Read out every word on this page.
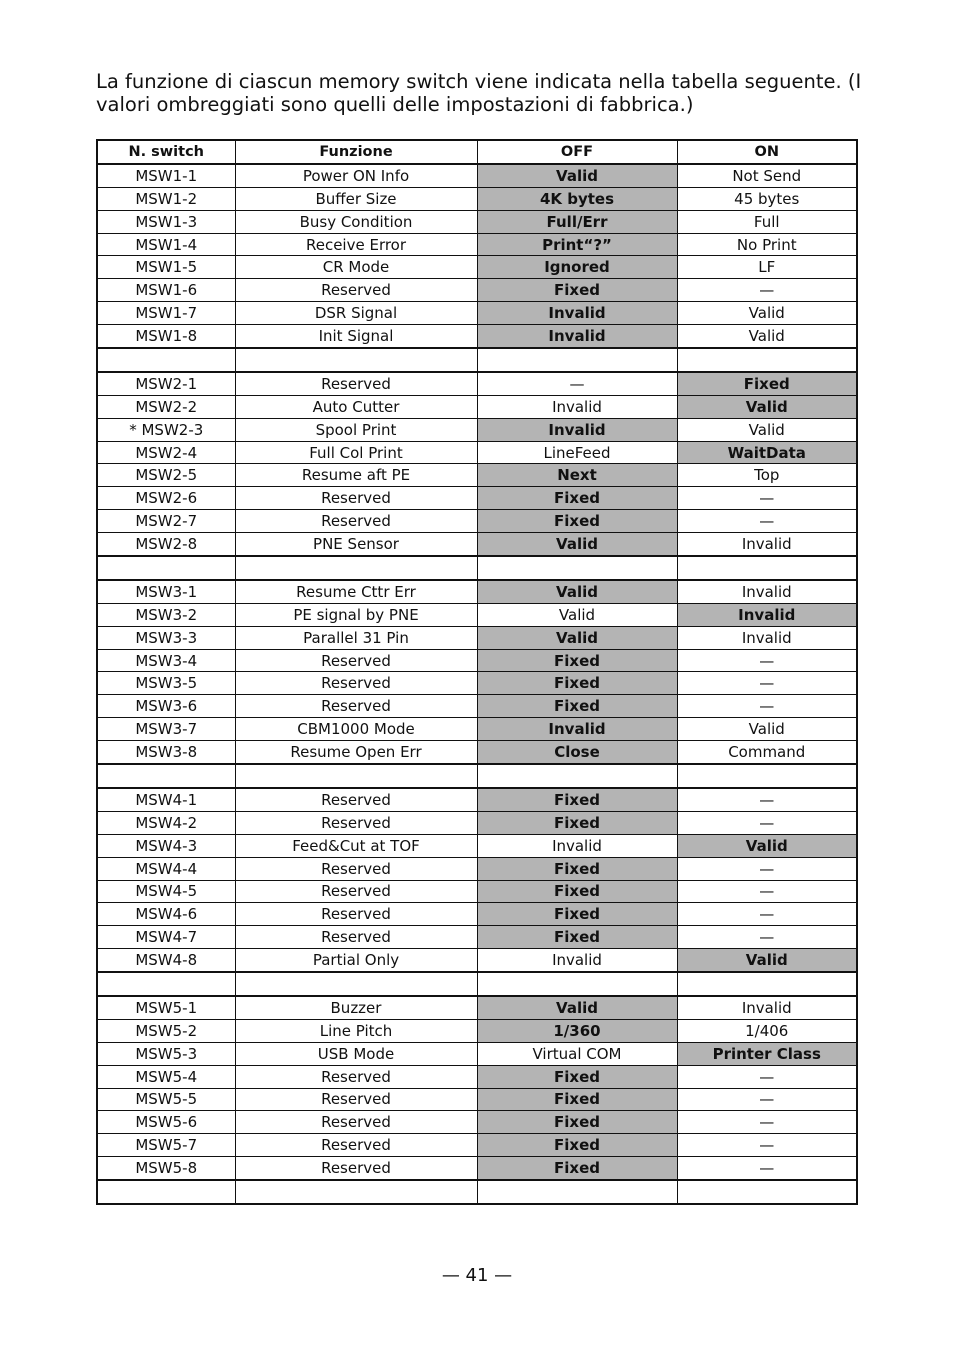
La funzione di ciascun memory switch viene indicata nella tabella seguente. (I valori ombreggiati sono quelli delle impostazioni di fabbrica.)

N. switch	Funzione	OFF	ON
MSW1-1	Power ON Info	Valid	Not Send
MSW1-2	Buffer Size	4K bytes	45 bytes
MSW1-3	Busy Condition	Full/Err	Full
MSW1-4	Receive Error	Print“?”	No Print
MSW1-5	CR Mode	Ignored	LF
MSW1-6	Reserved	Fixed	—
MSW1-7	DSR Signal	Invalid	Valid
MSW1-8	Init Signal	Invalid	Valid

MSW2-1	Reserved	—	Fixed
MSW2-2	Auto Cutter	Invalid	Valid
* MSW2-3	Spool Print	Invalid	Valid
MSW2-4	Full Col Print	LineFeed	WaitData
MSW2-5	Resume aft PE	Next	Top
MSW2-6	Reserved	Fixed	—
MSW2-7	Reserved	Fixed	—
MSW2-8	PNE Sensor	Valid	Invalid

MSW3-1	Resume Cttr Err	Valid	Invalid
MSW3-2	PE signal by PNE	Valid	Invalid
MSW3-3	Parallel 31 Pin	Valid	Invalid
MSW3-4	Reserved	Fixed	—
MSW3-5	Reserved	Fixed	—
MSW3-6	Reserved	Fixed	—
MSW3-7	CBM1000 Mode	Invalid	Valid
MSW3-8	Resume Open Err	Close	Command

MSW4-1	Reserved	Fixed	—
MSW4-2	Reserved	Fixed	—
MSW4-3	Feed&Cut at TOF	Invalid	Valid
MSW4-4	Reserved	Fixed	—
MSW4-5	Reserved	Fixed	—
MSW4-6	Reserved	Fixed	—
MSW4-7	Reserved	Fixed	—
MSW4-8	Partial Only	Invalid	Valid

MSW5-1	Buzzer	Valid	Invalid
MSW5-2	Line Pitch	1/360	1/406
MSW5-3	USB Mode	Virtual COM	Printer Class
MSW5-4	Reserved	Fixed	—
MSW5-5	Reserved	Fixed	—
MSW5-6	Reserved	Fixed	—
MSW5-7	Reserved	Fixed	—
MSW5-8	Reserved	Fixed	—

— 41 —
